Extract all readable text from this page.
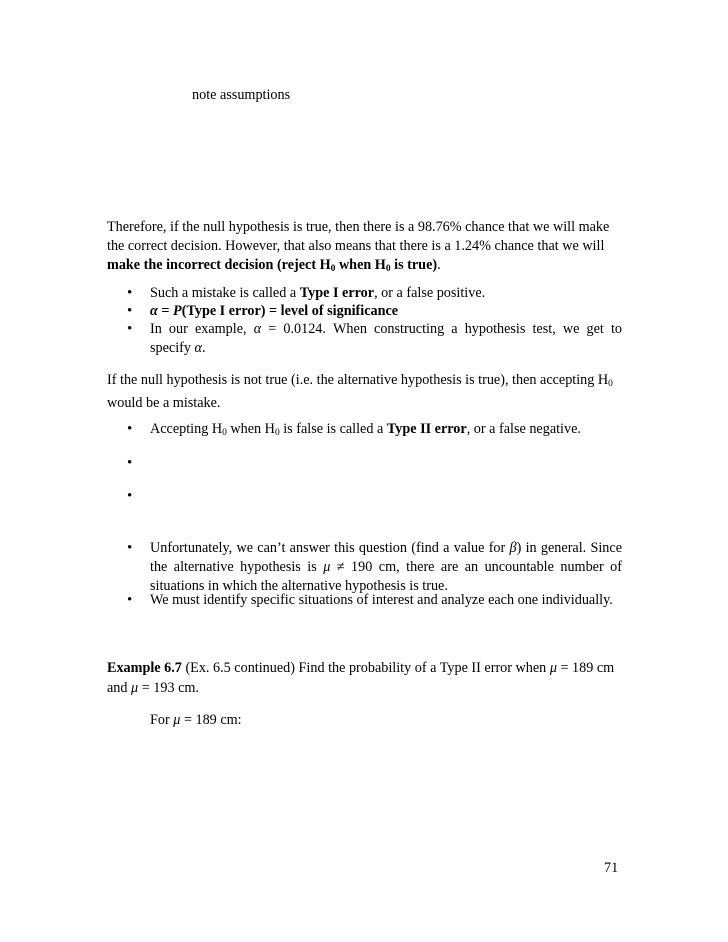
note assumptions
Therefore, if the null hypothesis is true, then there is a 98.76% chance that we will make
the correct decision. However, that also means that there is a 1.24% chance that we will
make the incorrect decision (reject $H_0$ when $H_0$ is true).
•	Such a mistake is called a Type I error, or a false positive.
•	α = P(Type I error) = level of significance
•	In our example, α = 0.0124. When constructing a hypothesis test, we get to
specify α.
If the null hypothesis is not true (i.e. the alternative hypothesis is true), then accepting $H_0$
would be a mistake.
•	Accepting $H_0$ when $H_0$ is false is called a Type II error, or a false negative.
•
•
•	Unfortunately, we can’t answer this question (find a value for β) in general. Since
the alternative hypothesis is μ ≠ 190 cm, there are an uncountable number of
situations in which the alternative hypothesis is true.
•	We must identify specific situations of interest and analyze each one individually.
Example 6.7 (Ex. 6.5 continued) Find the probability of a Type II error when μ = 189 cm
and μ = 193 cm.
For μ = 189 cm:
71
